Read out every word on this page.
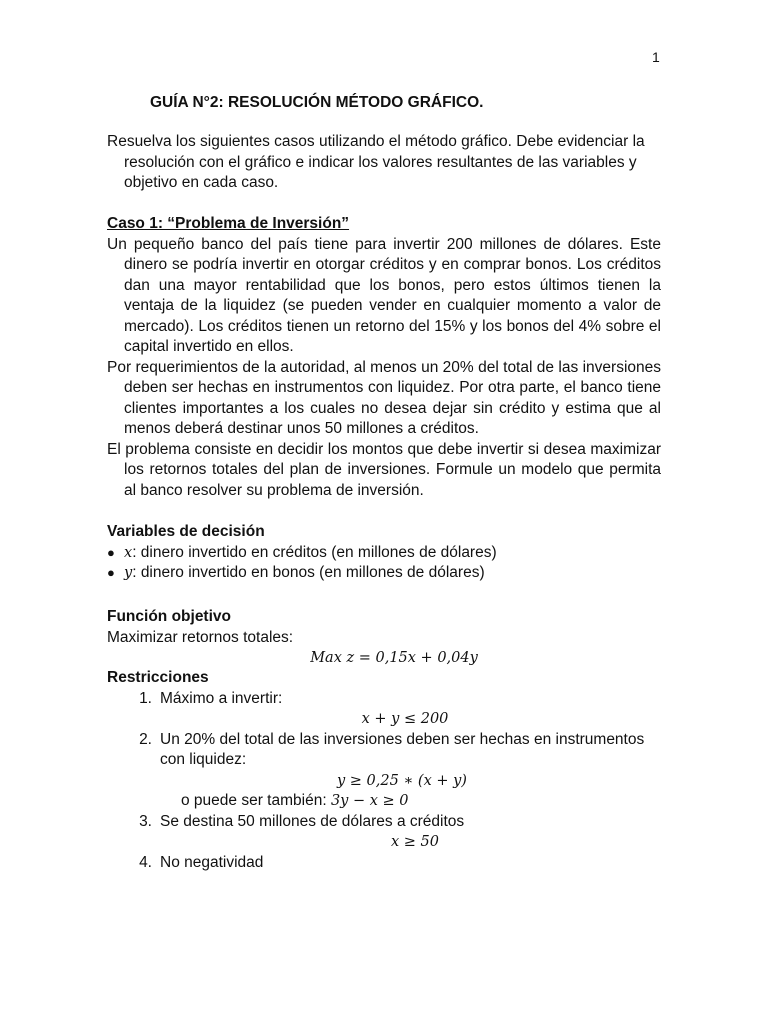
1
GUÍA N°2: RESOLUCIÓN MÉTODO GRÁFICO.

Resuelva los siguientes casos utilizando el método gráfico. Debe evidenciar la resolución con el gráfico e indicar los valores resultantes de las variables y objetivo en cada caso.

Caso 1: “Problema de Inversión”

Un pequeño banco del país tiene para invertir 200 millones de dólares. Este dinero se podría invertir en otorgar créditos y en comprar bonos. Los créditos dan una mayor rentabilidad que los bonos, pero estos últimos tienen la ventaja de la liquidez (se pueden vender en cualquier momento a valor de mercado). Los créditos tienen un retorno del 15% y los bonos del 4% sobre el capital invertido en ellos.

Por requerimientos de la autoridad, al menos un 20% del total de las inversiones deben ser hechas en instrumentos con liquidez. Por otra parte, el banco tiene clientes importantes a los cuales no desea dejar sin crédito y estima que al menos deberá destinar unos 50 millones a créditos.

El problema consiste en decidir los montos que debe invertir si desea maximizar los retornos totales del plan de inversiones. Formule un modelo que permita al banco resolver su problema de inversión.

Variables de decisión
● x: dinero invertido en créditos (en millones de dólares)
● y: dinero invertido en bonos (en millones de dólares)
Función objetivo
Maximizar retornos totales:
Max z = 0,15x + 0,04y
Restricciones
1. Máximo a invertir:
x + y ≤ 200
2. Un 20% del total de las inversiones deben ser hechas en instrumentos con liquidez:
y ≥ 0,25 ∗ (x + y)
o puede ser también: 3y − x ≥ 0
3. Se destina 50 millones de dólares a créditos
x ≥ 50
4. No negatividad
